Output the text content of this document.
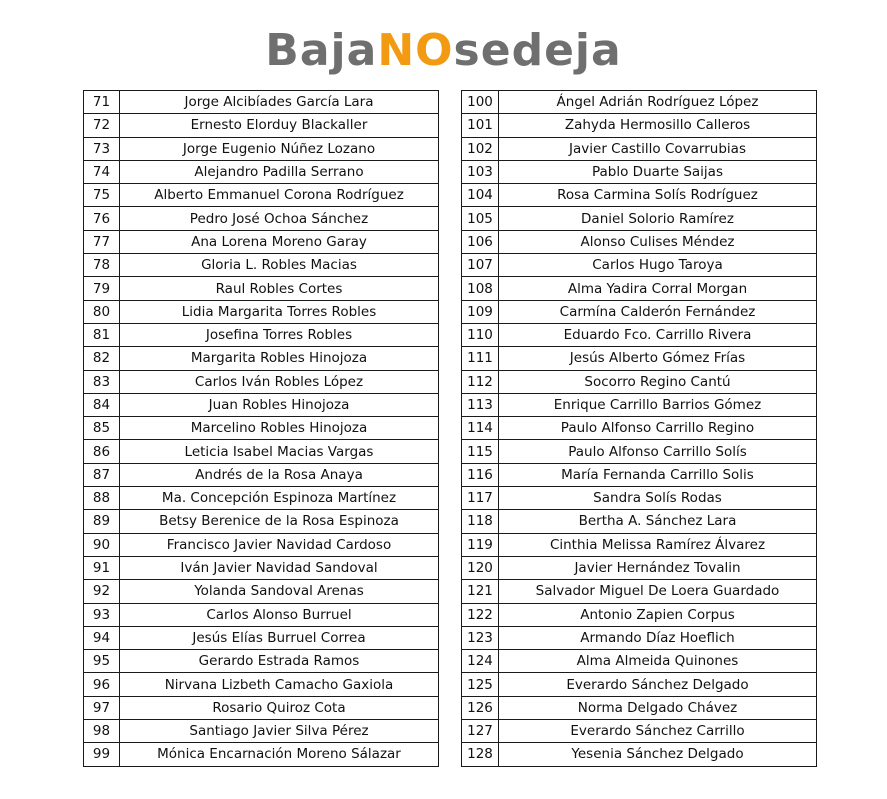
BajaNOsedeja
71	Jorge Alcibíades García Lara
72	Ernesto Elorduy Blackaller
73	Jorge Eugenio Núñez Lozano
74	Alejandro Padilla Serrano
75	Alberto Emmanuel Corona Rodríguez
76	Pedro José Ochoa Sánchez
77	Ana Lorena Moreno Garay
78	Gloria L. Robles Macias
79	Raul Robles Cortes
80	Lidia Margarita Torres Robles
81	Josefina Torres Robles
82	Margarita Robles Hinojoza
83	Carlos Iván Robles López
84	Juan Robles Hinojoza
85	Marcelino Robles Hinojoza
86	Leticia Isabel Macias Vargas
87	Andrés de la Rosa Anaya
88	Ma. Concepción Espinoza Martínez
89	Betsy Berenice de la Rosa Espinoza
90	Francisco Javier Navidad Cardoso
91	Iván Javier Navidad Sandoval
92	Yolanda Sandoval Arenas
93	Carlos Alonso Burruel
94	Jesús Elías Burruel Correa
95	Gerardo Estrada Ramos
96	Nirvana Lizbeth Camacho Gaxiola
97	Rosario Quiroz Cota
98	Santiago Javier Silva Pérez
99	Mónica Encarnación Moreno Sálazar
100	Ángel Adrián Rodríguez López
101	Zahyda Hermosillo Calleros
102	Javier Castillo Covarrubias
103	Pablo Duarte Saijas
104	Rosa Carmina Solís Rodríguez
105	Daniel Solorio Ramírez
106	Alonso Culises Méndez
107	Carlos Hugo Taroya
108	Alma Yadira Corral Morgan
109	Carmína Calderón Fernández
110	Eduardo Fco. Carrillo Rivera
111	Jesús Alberto Gómez Frías
112	Socorro Regino Cantú
113	Enrique Carrillo Barrios Gómez
114	Paulo Alfonso Carrillo Regino
115	Paulo Alfonso Carrillo Solís
116	María Fernanda Carrillo Solis
117	Sandra Solís Rodas
118	Bertha A. Sánchez Lara
119	Cinthia Melissa Ramírez Álvarez
120	Javier Hernández Tovalin
121	Salvador Miguel De Loera Guardado
122	Antonio Zapien Corpus
123	Armando Díaz Hoeflich
124	Alma Almeida Quinones
125	Everardo Sánchez Delgado
126	Norma Delgado Chávez
127	Everardo Sánchez Carrillo
128	Yesenia Sánchez Delgado
